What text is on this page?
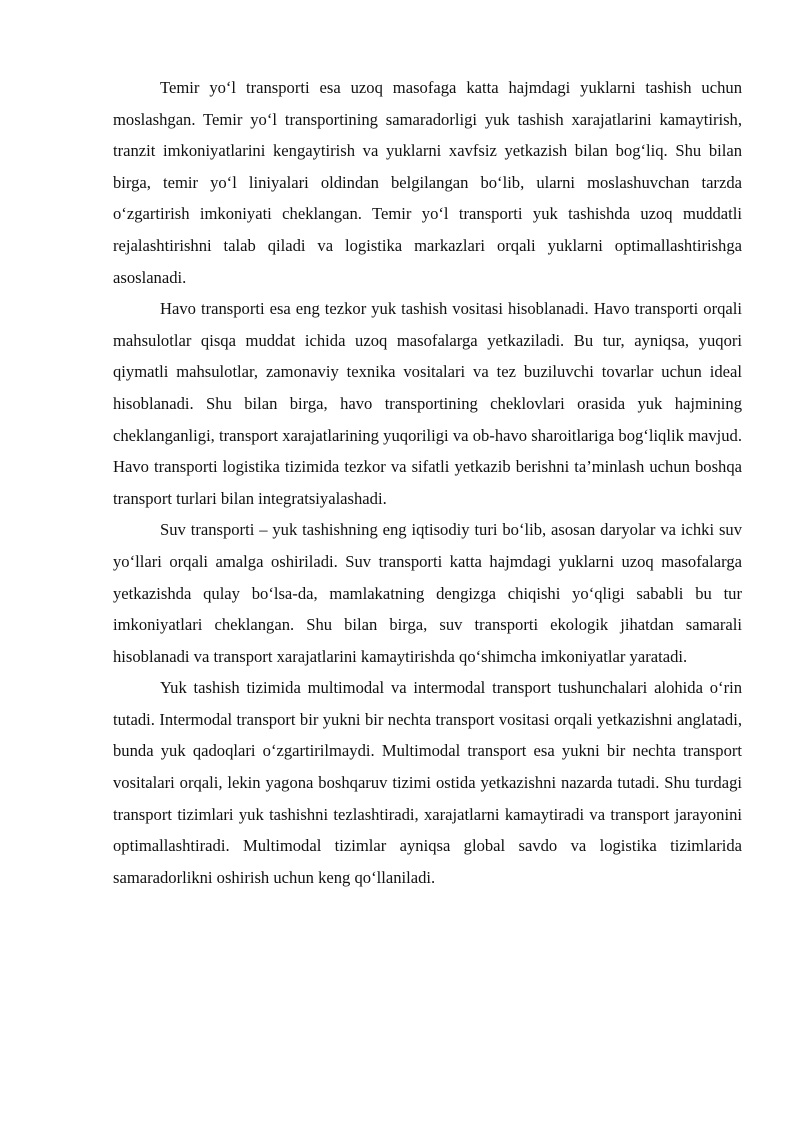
Temir yo‘l transporti esa uzoq masofaga katta hajmdagi yuklarni tashish uchun moslashgan. Temir yo‘l transportining samaradorligi yuk tashish xarajatlarini kamaytirish, tranzit imkoniyatlarini kengaytirish va yuklarni xavfsiz yetkazish bilan bog‘liq. Shu bilan birga, temir yo‘l liniyalari oldindan belgilangan bo‘lib, ularni moslashuvchan tarzda o‘zgartirish imkoniyati cheklangan. Temir yo‘l transporti yuk tashishda uzoq muddatli rejalashtirishni talab qiladi va logistika markazlari orqali yuklarni optimallashtirishga asoslanadi.

Havo transporti esa eng tezkor yuk tashish vositasi hisoblanadi. Havo transporti orqali mahsulotlar qisqa muddat ichida uzoq masofalarga yetkaziladi. Bu tur, ayniqsa, yuqori qiymatli mahsulotlar, zamonaviy texnika vositalari va tez buziluvchi tovarlar uchun ideal hisoblanadi. Shu bilan birga, havo transportining cheklovlari orasida yuk hajmining cheklanganligi, transport xarajatlarining yuqoriligi va ob-havo sharoitlariga bog‘liqlik mavjud. Havo transporti logistika tizimida tezkor va sifatli yetkazib berishni ta’minlash uchun boshqa transport turlari bilan integratsiyalashadi.

Suv transporti – yuk tashishning eng iqtisodiy turi bo‘lib, asosan daryolar va ichki suv yo‘llari orqali amalga oshiriladi. Suv transporti katta hajmdagi yuklarni uzoq masofalarga yetkazishda qulay bo‘lsa-da, mamlakatning dengizga chiqishi yo‘qligi sababli bu tur imkoniyatlari cheklangan. Shu bilan birga, suv transporti ekologik jihatdan samarali hisoblanadi va transport xarajatlarini kamaytirishda qo‘shimcha imkoniyatlar yaratadi.

Yuk tashish tizimida multimodal va intermodal transport tushunchalari alohida o‘rin tutadi. Intermodal transport bir yukni bir nechta transport vositasi orqali yetkazishni anglatadi, bunda yuk qadoqlari o‘zgartirilmaydi. Multimodal transport esa yukni bir nechta transport vositalari orqali, lekin yagona boshqaruv tizimi ostida yetkazishni nazarda tutadi. Shu turdagi transport tizimlari yuk tashishni tezlashtiradi, xarajatlarni kamaytiradi va transport jarayonini optimallashtiradi. Multimodal tizimlar ayniqsa global savdo va logistika tizimlarida samaradorlikni oshirish uchun keng qo‘llaniladi.
